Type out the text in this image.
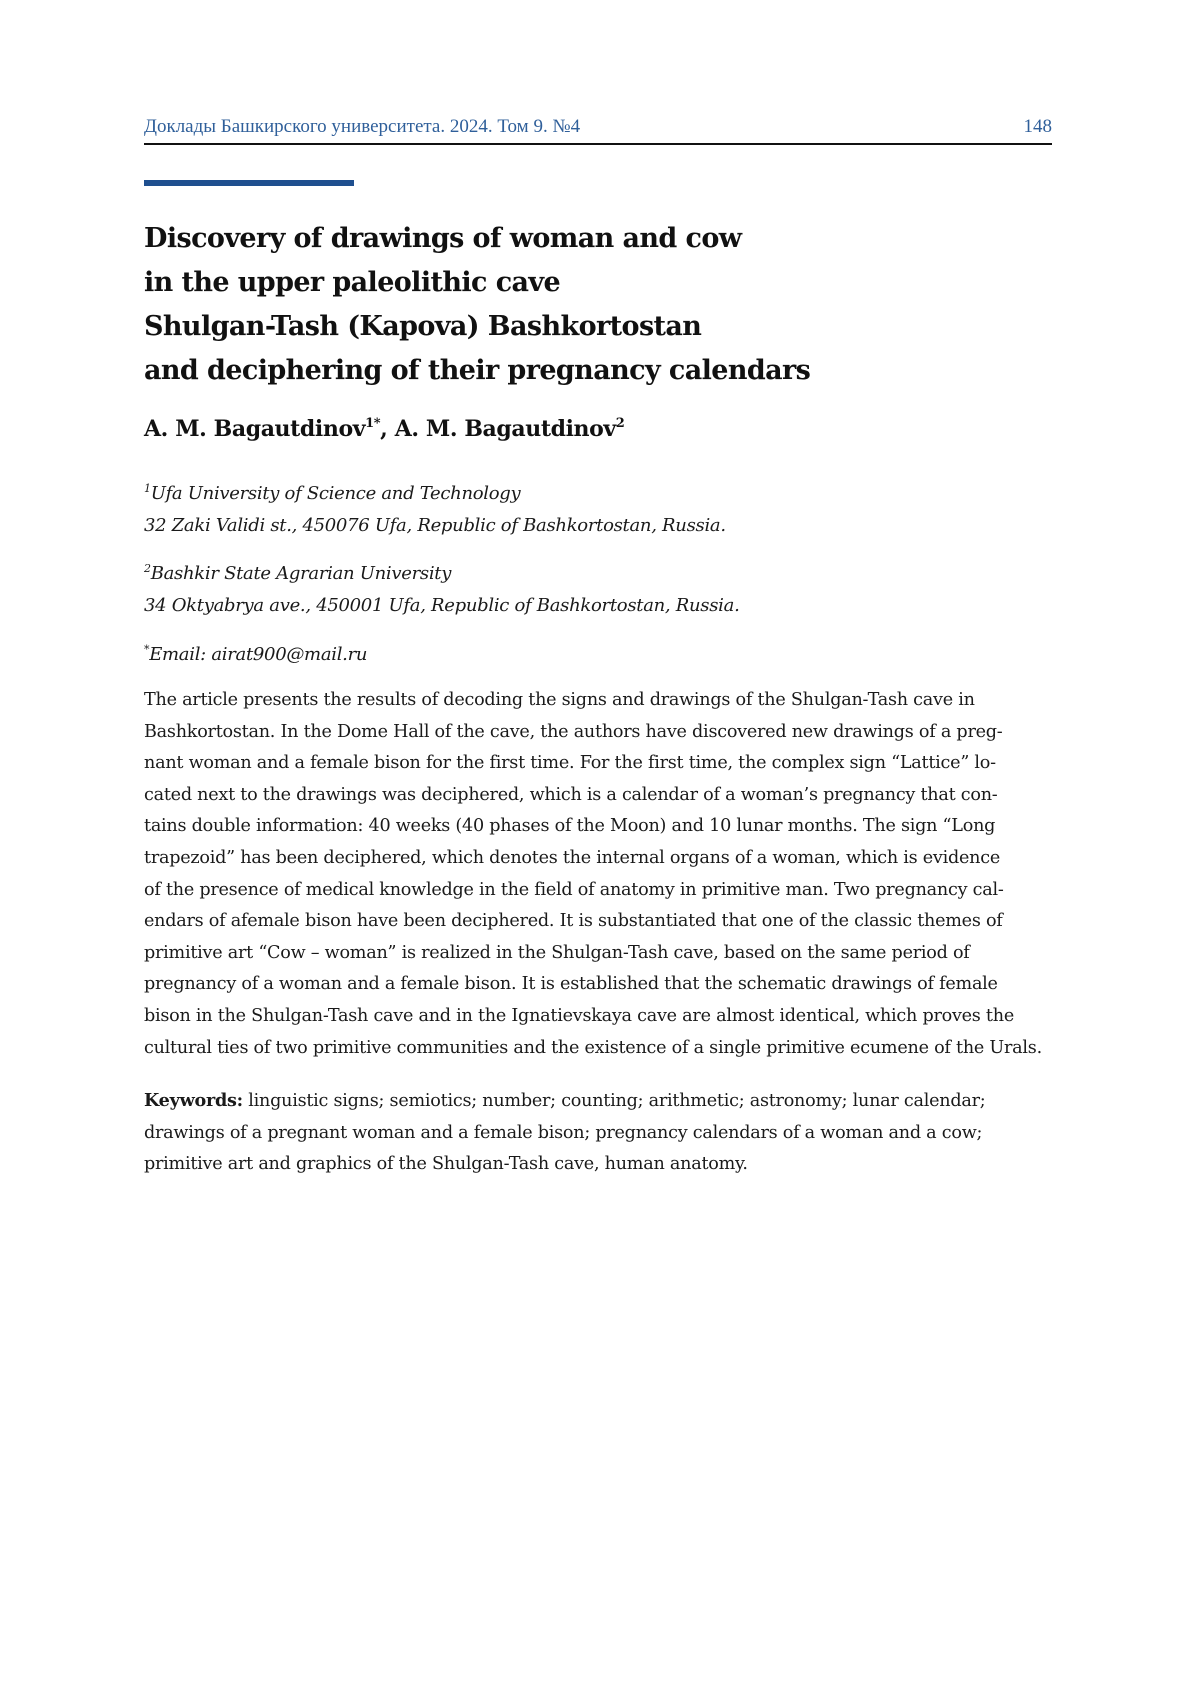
Доклады Башкирского университета. 2024. Том 9. №4	148
Discovery of drawings of woman and cow
in the upper paleolithic cave
Shulgan-Tash (Kapova) Bashkortostan
and deciphering of their pregnancy calendars
A. M. Bagautdinov$^{1*}$, A. M. Bagautdinov$^2$
$^1$Ufa University of Science and Technology
32 Zaki Validi st., 450076 Ufa, Republic of Bashkortostan, Russia.
$^2$Bashkir State Agrarian University
34 Oktyabrya ave., 450001 Ufa, Republic of Bashkortostan, Russia.
*Email: airat900@mail.ru
The article presents the results of decoding the signs and drawings of the Shulgan-Tash cave in
Bashkortostan. In the Dome Hall of the cave, the authors have discovered new drawings of a preg-
nant woman and a female bison for the first time. For the first time, the complex sign “Lattice” lo-
cated next to the drawings was deciphered, which is a calendar of a woman’s pregnancy that con-
tains double information: 40 weeks (40 phases of the Moon) and 10 lunar months. The sign “Long
trapezoid” has been deciphered, which denotes the internal organs of a woman, which is evidence
of the presence of medical knowledge in the field of anatomy in primitive man. Two pregnancy cal-
endars of afemale bison have been deciphered. It is substantiated that one of the classic themes of
primitive art “Cow – woman” is realized in the Shulgan-Tash cave, based on the same period of
pregnancy of a woman and a female bison. It is established that the schematic drawings of female
bison in the Shulgan-Tash cave and in the Ignatievskaya cave are almost identical, which proves the
cultural ties of two primitive communities and the existence of a single primitive ecumene of the Urals.
Keywords: linguistic signs; semiotics; number; counting; arithmetic; astronomy; lunar calendar;
drawings of a pregnant woman and a female bison; pregnancy calendars of a woman and a cow;
primitive art and graphics of the Shulgan-Tash cave, human anatomy.
